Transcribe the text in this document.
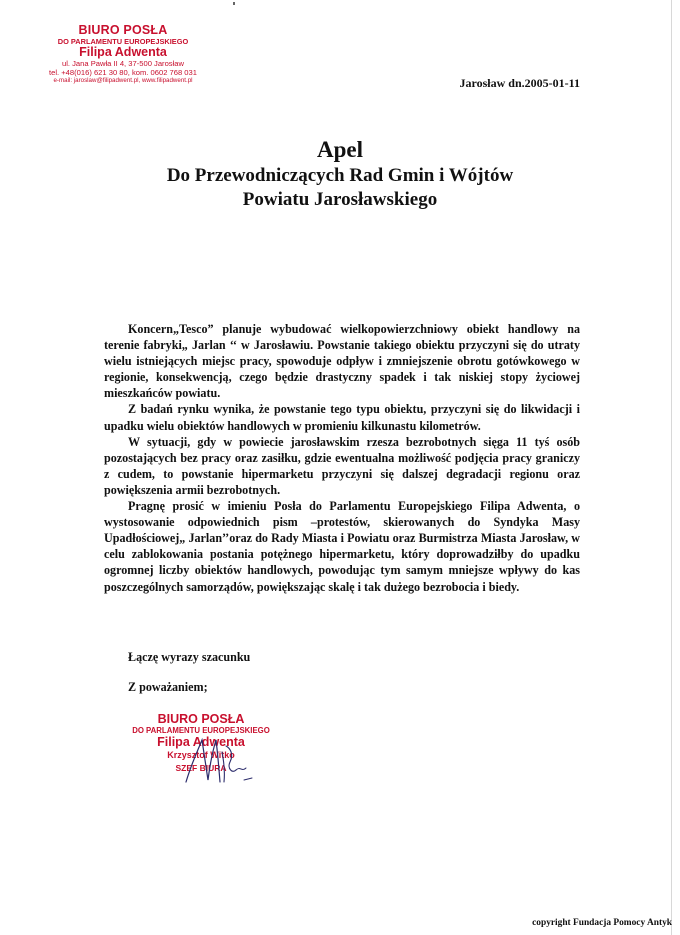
BIURO POSŁA
DO PARLAMENTU EUROPEJSKIEGO
Filipa Adwenta
ul. Jana Pawła II 4, 37-500 Jarosław
tel. +48(016) 621 30 80, kom. 0602 768 031
e-mail: jaroslaw@filipadwent.pl, www.filipadwent.pl	Jarosław dn.2005-01-11
Apel
Do Przewodniczących Rad Gmin i Wójtów
Powiatu Jarosławskiego

Koncern„Tesco” planuje wybudować wielkopowierzchniowy obiekt handlowy na terenie fabryki„ Jarlan ‘‘ w Jarosławiu. Powstanie takiego obiektu przyczyni się do utraty wielu istniejących miejsc pracy, spowoduje odpływ i zmniejszenie obrotu gotówkowego w regionie, konsekwencją, czego będzie drastyczny spadek i tak niskiej stopy życiowej mieszkańców powiatu.

Z badań rynku wynika, że powstanie tego typu obiektu, przyczyni się do likwidacji i upadku wielu obiektów handlowych w promieniu kilkunastu kilometrów.

W sytuacji, gdy w powiecie jarosławskim rzesza bezrobotnych sięga 11 tyś osób pozostających bez pracy oraz zasiłku, gdzie ewentualna możliwość podjęcia pracy graniczy z cudem, to powstanie hipermarketu przyczyni się dalszej degradacji regionu oraz powiększenia armii bezrobotnych.

Pragnę prosić w imieniu Posła do Parlamentu Europejskiego Filipa Adwenta, o wystosowanie odpowiednich pism –protestów, skierowanych do Syndyka Masy Upadłościowej„ Jarlan’’oraz do Rady Miasta i Powiatu oraz Burmistrza Miasta Jarosław, w celu zablokowania postania potężnego hipermarketu, który doprowadziłby do upadku ogromnej liczby obiektów handlowych, powodując tym samym mniejsze wpływy do kas poszczególnych samorządów, powiększając skalę i tak dużego bezrobocia i biedy.

Łączę wyrazy szacunku
Z poważaniem;
BIURO POSŁA
DO PARLAMENTU EUROPEJSKIEGO
Filipa Adwenta
Krzysztof Witko
SZEF BIURA
copyright Fundacja Pomocy Antyk
